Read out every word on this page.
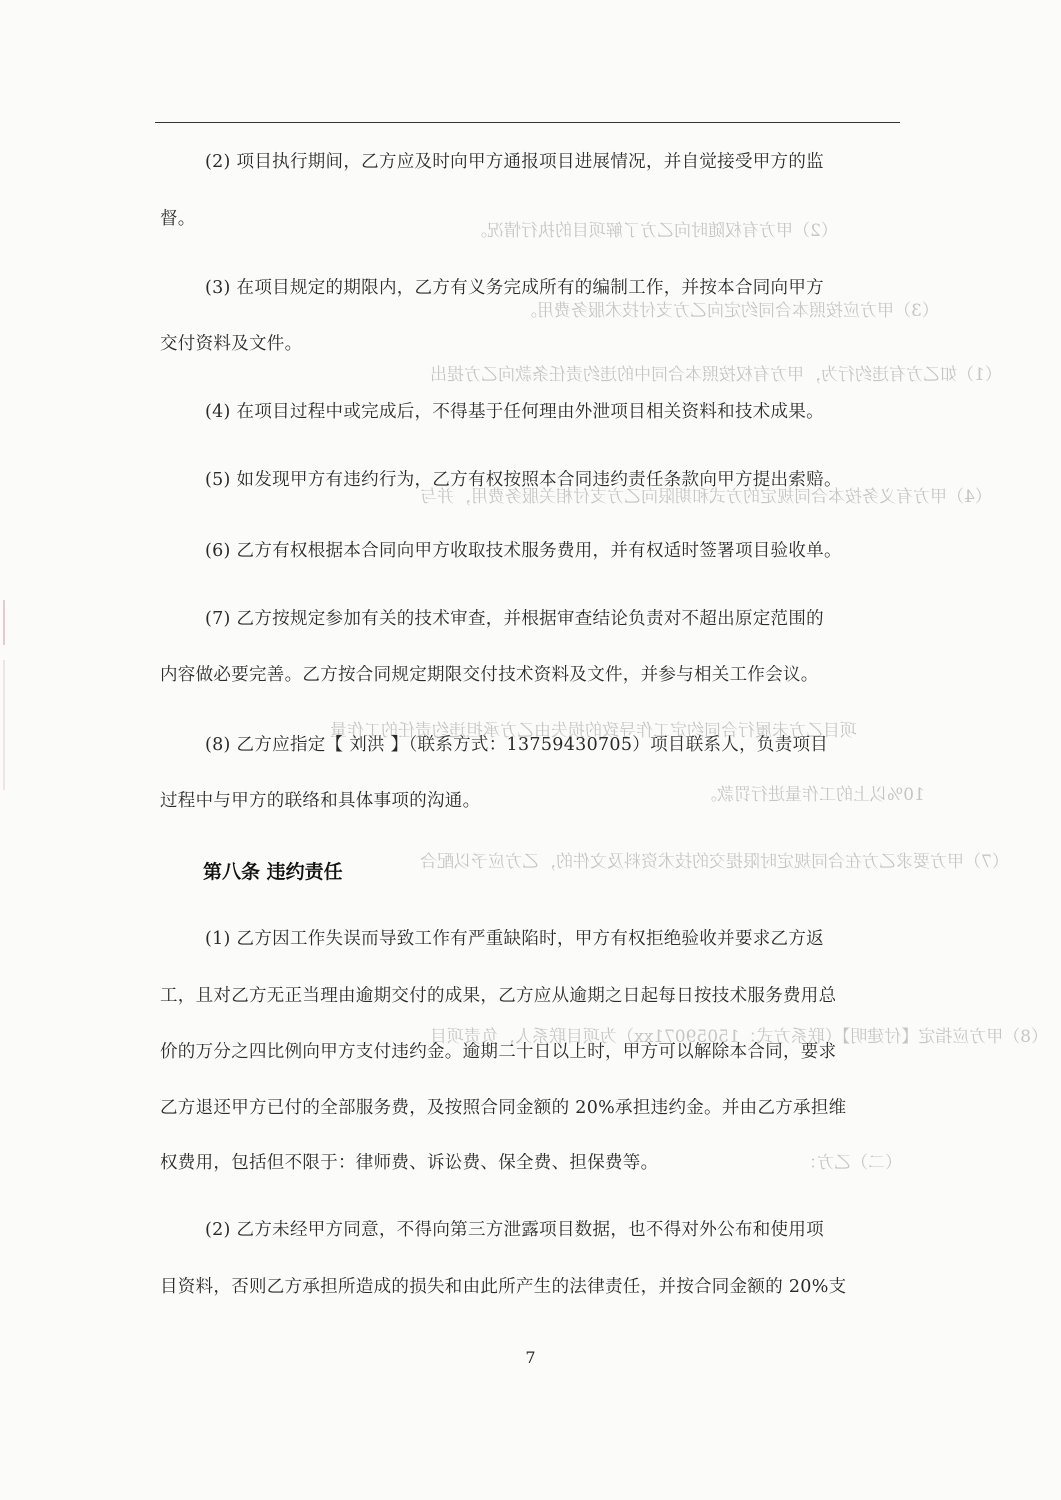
（2）甲方有权随时向乙方了解项目的执行情况。
（3）甲方应按照本合同约定向乙方支付技术服务费用。
（1）如乙方有违约行为，甲方有权按照本合同中的违约责任条款向乙方提出
（4）甲方有义务按本合同规定的方式和期限向乙方支付相关服务费用，并与
项目乙方未履行合同约定工作导致的损失由乙方承担违约责任的工作量
10%以上的工作量进行罚款。
（7）甲方要求乙方在合同规定时限提交的技术资料及文件的，乙方应予以配合
（8）甲方应指定【付建明】（联系方式：15059071xx）为项目联系人，负责项目
（二）乙方：
(2) 项目执行期间，乙方应及时向甲方通报项目进展情况，并自觉接受甲方的监
督。
(3) 在项目规定的期限内，乙方有义务完成所有的编制工作，并按本合同向甲方
交付资料及文件。
(4) 在项目过程中或完成后，不得基于任何理由外泄项目相关资料和技术成果。
(5) 如发现甲方有违约行为，乙方有权按照本合同违约责任条款向甲方提出索赔。
(6) 乙方有权根据本合同向甲方收取技术服务费用，并有权适时签署项目验收单。
(7) 乙方按规定参加有关的技术审查，并根据审查结论负责对不超出原定范围的
内容做必要完善。乙方按合同规定期限交付技术资料及文件，并参与相关工作会议。
(8) 乙方应指定【 刘洪 】（联系方式：13759430705）项目联系人，负责项目
过程中与甲方的联络和具体事项的沟通。
第八条 违约责任
(1) 乙方因工作失误而导致工作有严重缺陷时，甲方有权拒绝验收并要求乙方返
工，且对乙方无正当理由逾期交付的成果，乙方应从逾期之日起每日按技术服务费用总
价的万分之四比例向甲方支付违约金。逾期二十日以上时，甲方可以解除本合同，要求
乙方退还甲方已付的全部服务费，及按照合同金额的 20%承担违约金。并由乙方承担维
权费用，包括但不限于：律师费、诉讼费、保全费、担保费等。
(2) 乙方未经甲方同意，不得向第三方泄露项目数据，也不得对外公布和使用项
目资料，否则乙方承担所造成的损失和由此所产生的法律责任，并按合同金额的 20%支
7
